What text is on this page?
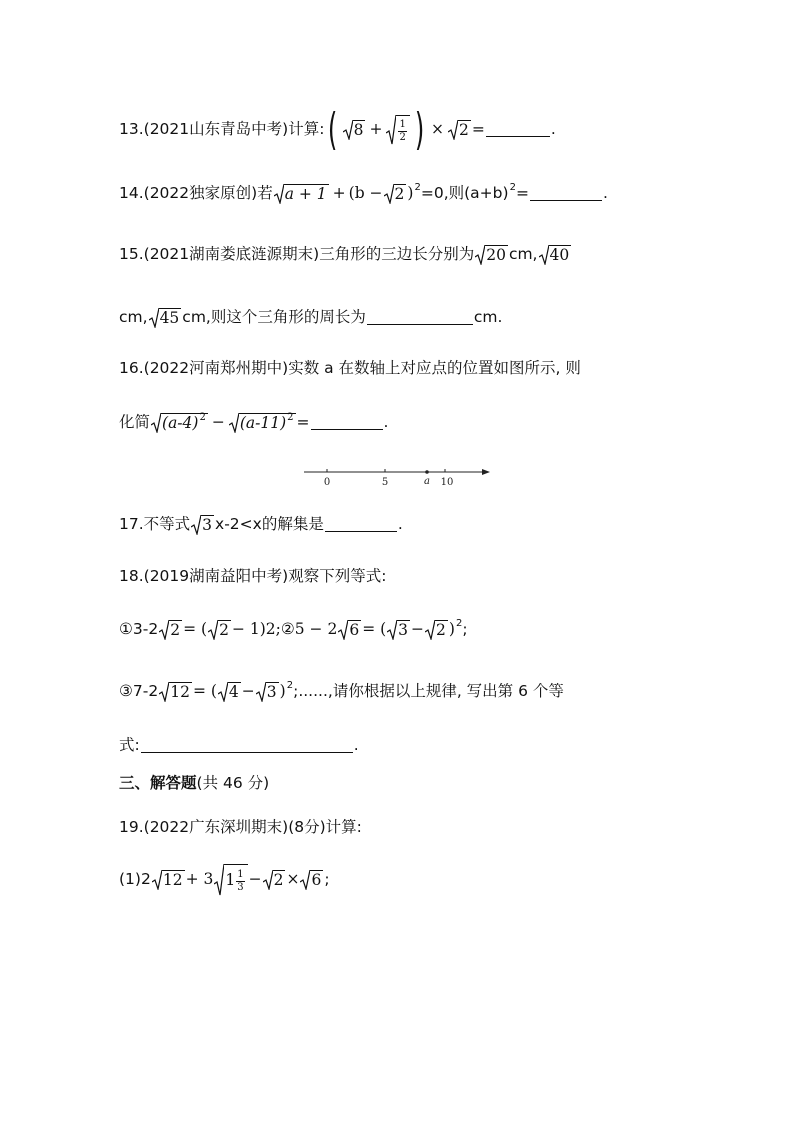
13.(2021山东青岛中考)计算: ( $8 + \frac{1}{2}$ ) × 2 =	.
14.(2022独家原创)若 a + 1 + (b − 2 ) 2 =0,则(a+b) 2 =	.
15.(2021湖南娄底涟源期末)三角形的三边长分别为 20 cm, 40
cm, 45 cm,则这个三角形的周长为	cm.
16.(2022河南郑州期中)实数 a 在数轴上对应点的位置如图所示, 则
化简 (a-4) 2 − (a-11) 2 =	.
0	5	a 10
17.不等式 3 x-2<x的解集是	.
18.(2019湖南益阳中考)观察下列等式:
①3-2 2 = ( 2 − 1)2; ②5 − 2 6 = ( 3 − 2 ) 2 ;
③7-2 12 = ( 4 − 3 ) 2 ;......,请你根据以上规律, 写出第 6 个等
式:	.
三、解答题 (共 46 分)
19.(2022广东深圳期末)(8分)计算:
(1)2 12 + 3 $1 \frac{1}{3} - 2 \times 6$ ;
